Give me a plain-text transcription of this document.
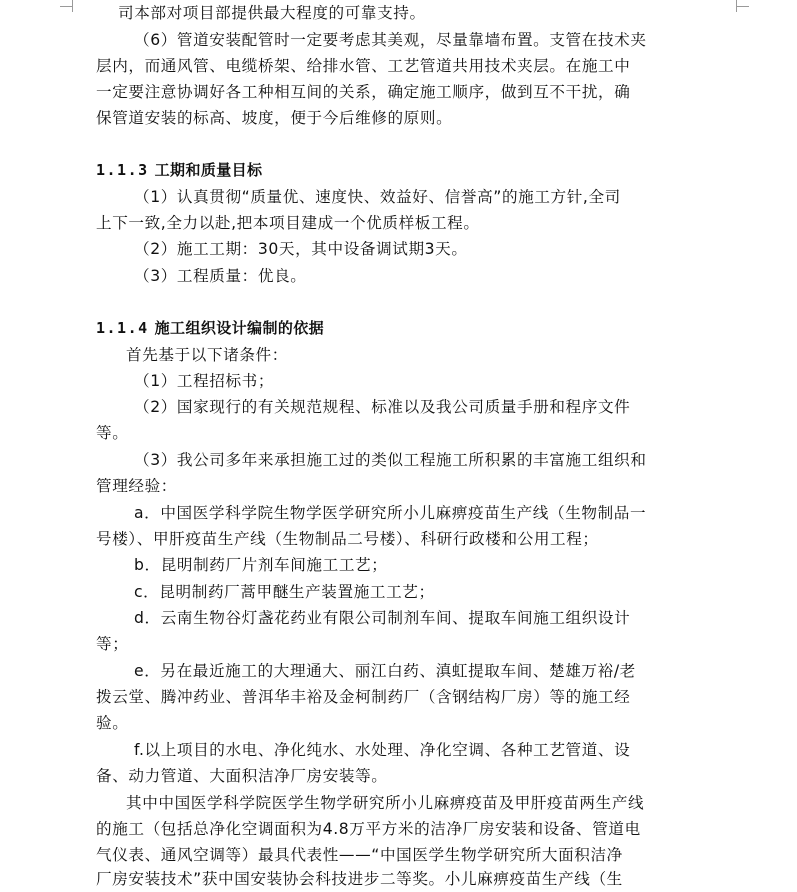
司本部对项目部提供最大程度的可靠支持。
（6）管道安装配管时一定要考虑其美观，尽量靠墙布置。支管在技术夹
层内，而通风管、电缆桥架、给排水管、工艺管道共用技术夹层。在施工中
一定要注意协调好各工种相互间的关系，确定施工顺序，做到互不干扰，确
保管道安装的标高、坡度，便于今后维修的原则。
1.1.3 工期和质量目标
（1）认真贯彻“质量优、速度快、效益好、信誉高”的施工方针,全司
上下一致,全力以赴,把本项目建成一个优质样板工程。
（2）施工工期：30天，其中设备调试期3天。
（3）工程质量：优良。
1.1.4 施工组织设计编制的依据
首先基于以下诸条件：
（1）工程招标书；
（2）国家现行的有关规范规程、标准以及我公司质量手册和程序文件
等。
（3）我公司多年来承担施工过的类似工程施工所积累的丰富施工组织和
管理经验：
a．中国医学科学院生物学医学研究所小儿麻痹疫苗生产线（生物制品一
号楼）、甲肝疫苗生产线（生物制品二号楼）、科研行政楼和公用工程；
b．昆明制药厂片剂车间施工工艺；
c．昆明制药厂蒿甲醚生产装置施工工艺；
d．云南生物谷灯盏花药业有限公司制剂车间、提取车间施工组织设计
等；
e．另在最近施工的大理通大、丽江白药、滇虹提取车间、楚雄万裕/老
拨云堂、腾冲药业、普洱华丰裕及金柯制药厂（含钢结构厂房）等的施工经
验。
f.以上项目的水电、净化纯水、水处理、净化空调、各种工艺管道、设
备、动力管道、大面积洁净厂房安装等。
其中中国医学科学院医学生物学研究所小儿麻痹疫苗及甲肝疫苗两生产线
的施工（包括总净化空调面积为4.8万平方米的洁净厂房安装和设备、管道电
气仪表、通风空调等）最具代表性——“中国医学生物学研究所大面积洁净
厂房安装技术”获中国安装协会科技进步二等奖。小儿麻痹疫苗生产线（生
